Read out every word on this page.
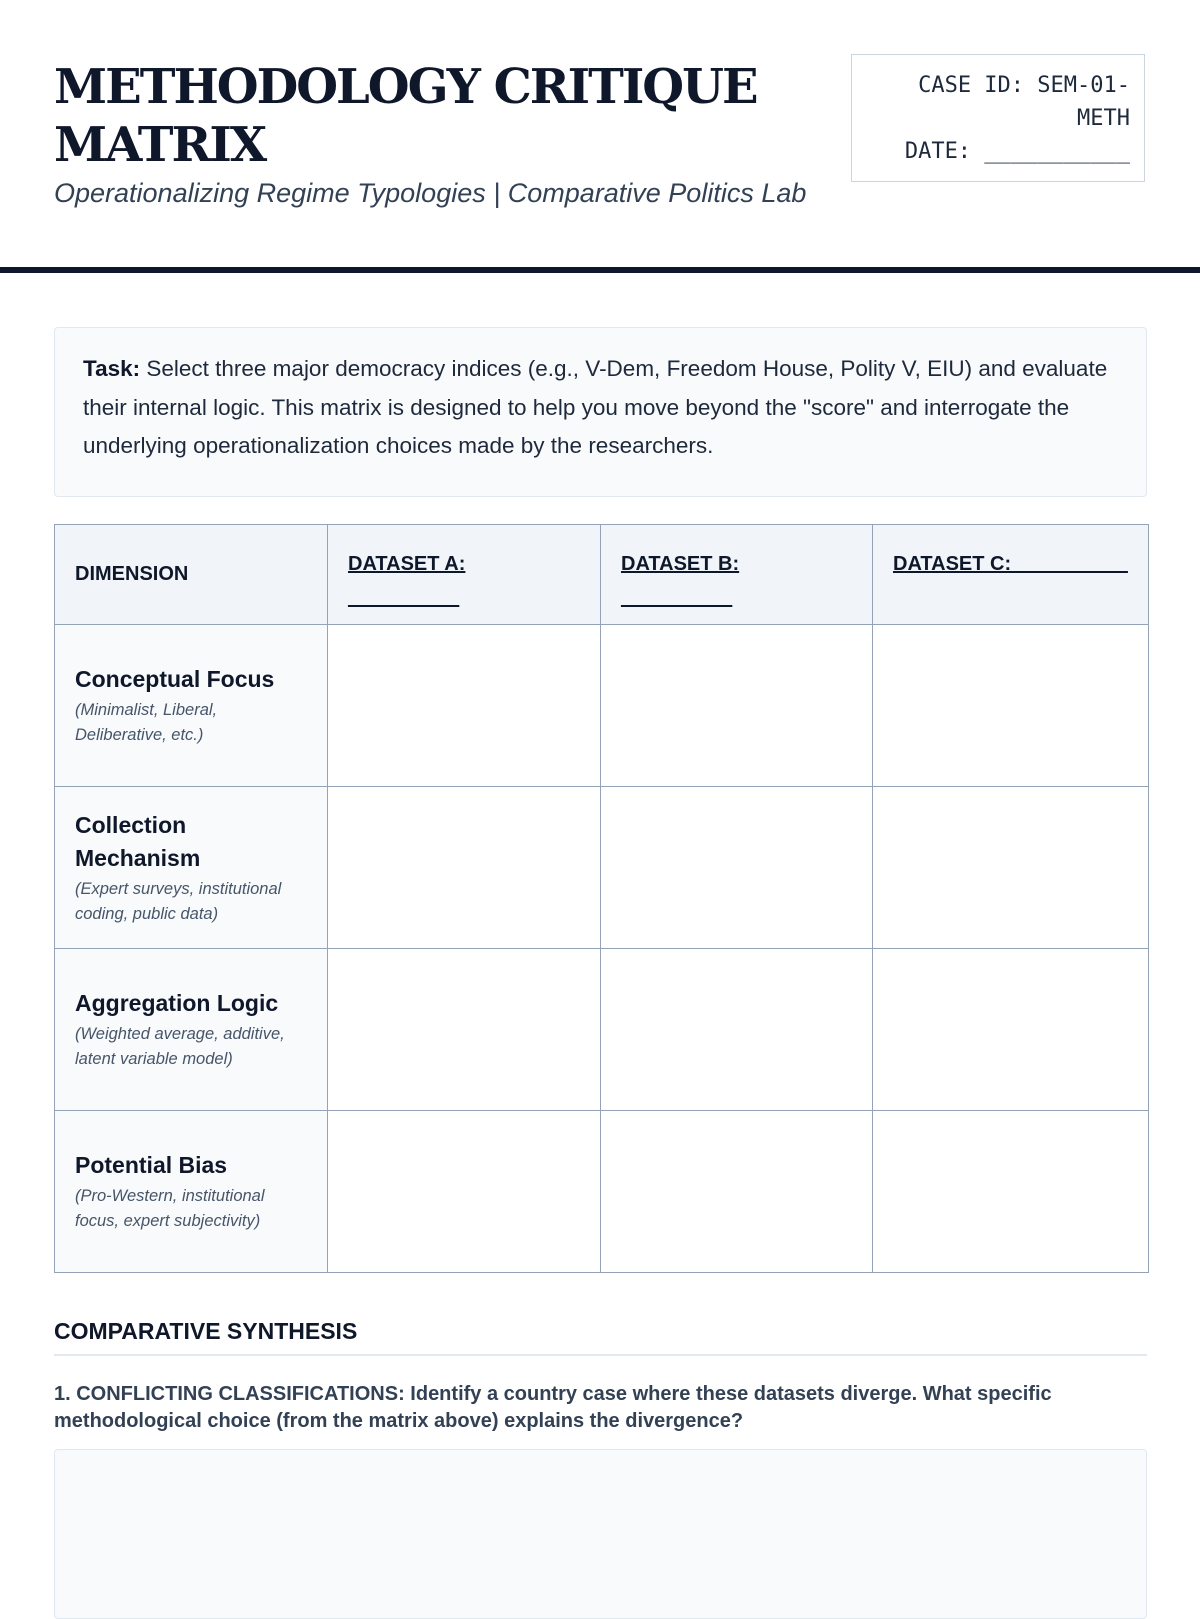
METHODOLOGY CRITIQUE
MATRIX
Operationalizing Regime Typologies | Comparative Politics Lab
CASE ID: SEM-01-
METH
DATE: ___________
Task: Select three major democracy indices (e.g., V-Dem, Freedom House, Polity V, EIU) and evaluate their internal logic. This matrix is designed to help you move beyond the "score" and interrogate the underlying operationalization choices made by the researchers.
DIMENSION	DATASET A: __________	DATASET B: __________	DATASET C: __________

Conceptual Focus
(Minimalist, Liberal, Deliberative, etc.)			

Collection Mechanism
(Expert surveys, institutional coding, public data)			

Aggregation Logic
(Weighted average, additive, latent variable model)			

Potential Bias
(Pro-Western, institutional focus, expert subjectivity)			

COMPARATIVE SYNTHESIS
1. CONFLICTING CLASSIFICATIONS: Identify a country case where these datasets diverge. What specific methodological choice (from the matrix above) explains the divergence?
